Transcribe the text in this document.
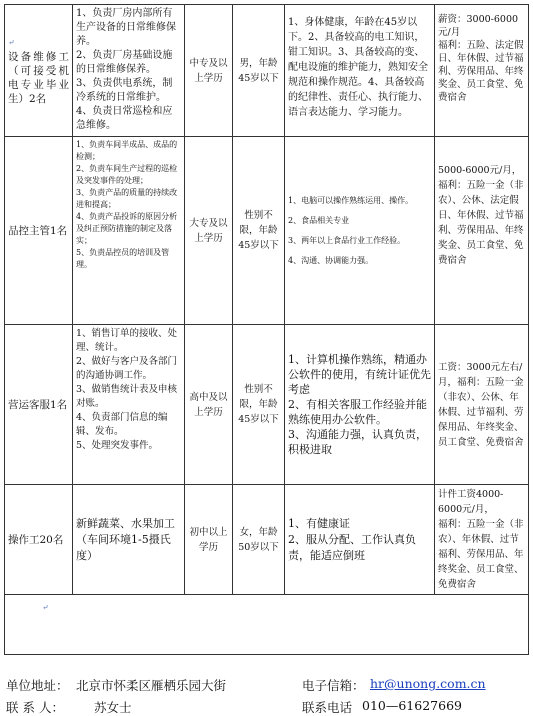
⤶
设备维修工（可接受机电专业毕业生）2名	1、负责厂房内部所有生产设备的日常维修保养。
2、负责厂房基础设施的日常维修保养。
3、负责供电系统，制冷系统的日常维护。
4、负责日常巡检和应急维修。	中专及以上学历	男，年龄45岁以下	1、身体健康，年龄在45岁以下。2、具备较高的电工知识，钳工知识。3、具备较高的变、配电设施的维护能力，熟知安全规范和操作规范。4、具备较高的纪律性、责任心、执行能力、语言表达能力、学习能力。	薪资：3000-6000元/月
福利：五险、法定假日、年休假、过节福利、劳保用品、年终奖金、员工食堂、免费宿舍
品控主管1名	1、负责车间半成品、成品的检测；
2、负责车间生产过程的巡检及突发事件的处理；
3、负责产品的质量的持续改进和提高；
4、负责产品投诉的原因分析及纠正预防措施的制定及落实；
5、负责品控员的培训及管理。	大专及以上学历	性别不限，年龄45岁以下	1、电脑可以操作熟练运用、操作。
2、食品相关专业
3、两年以上食品行业工作经验。
4、沟通、协调能力强。	5000-6000元/月，
福利：五险一金（非农）、公休、法定假日、年休假、过节福利、劳保用品、年终奖金、员工食堂、免费宿舍
营运客服1名	1、销售订单的接收、处理、统计。
2、做好与客户及各部门的沟通协调工作。
3、做销售统计表及申核对账。
4、负责部门信息的编辑、发布。
5、处理突发事件。	高中及以上学历	性别不限，年龄45岁以下	1、计算机操作熟练，精通办公软件的使用，有统计证优先考虑
2、有相关客服工作经验并能熟练使用办公软件。
3、沟通能力强，认真负责，积极进取	工资：3000元左右/月，福利：五险一金（非农）、公休、年休假、过节福利、劳保用品、年终奖金、员工食堂、免费宿舍
操作工20名	新鲜蔬菜、水果加工（车间环境1-5摄氏度）	初中以上学历	女，年龄50岁以下	1、有健康证
2、服从分配、工作认真负责，能适应倒班	计件工资4000-6000元/月，
福利：五险一金（非农）、年休假、过节福利、劳保用品、年终奖金、员工食堂、免费宿舍

⤶					
单位地址： 北京市怀柔区雁栖乐园大街	电子信箱： hr@unong.com.cn
联 系 人： 苏女士	联系电话 010—61627669
